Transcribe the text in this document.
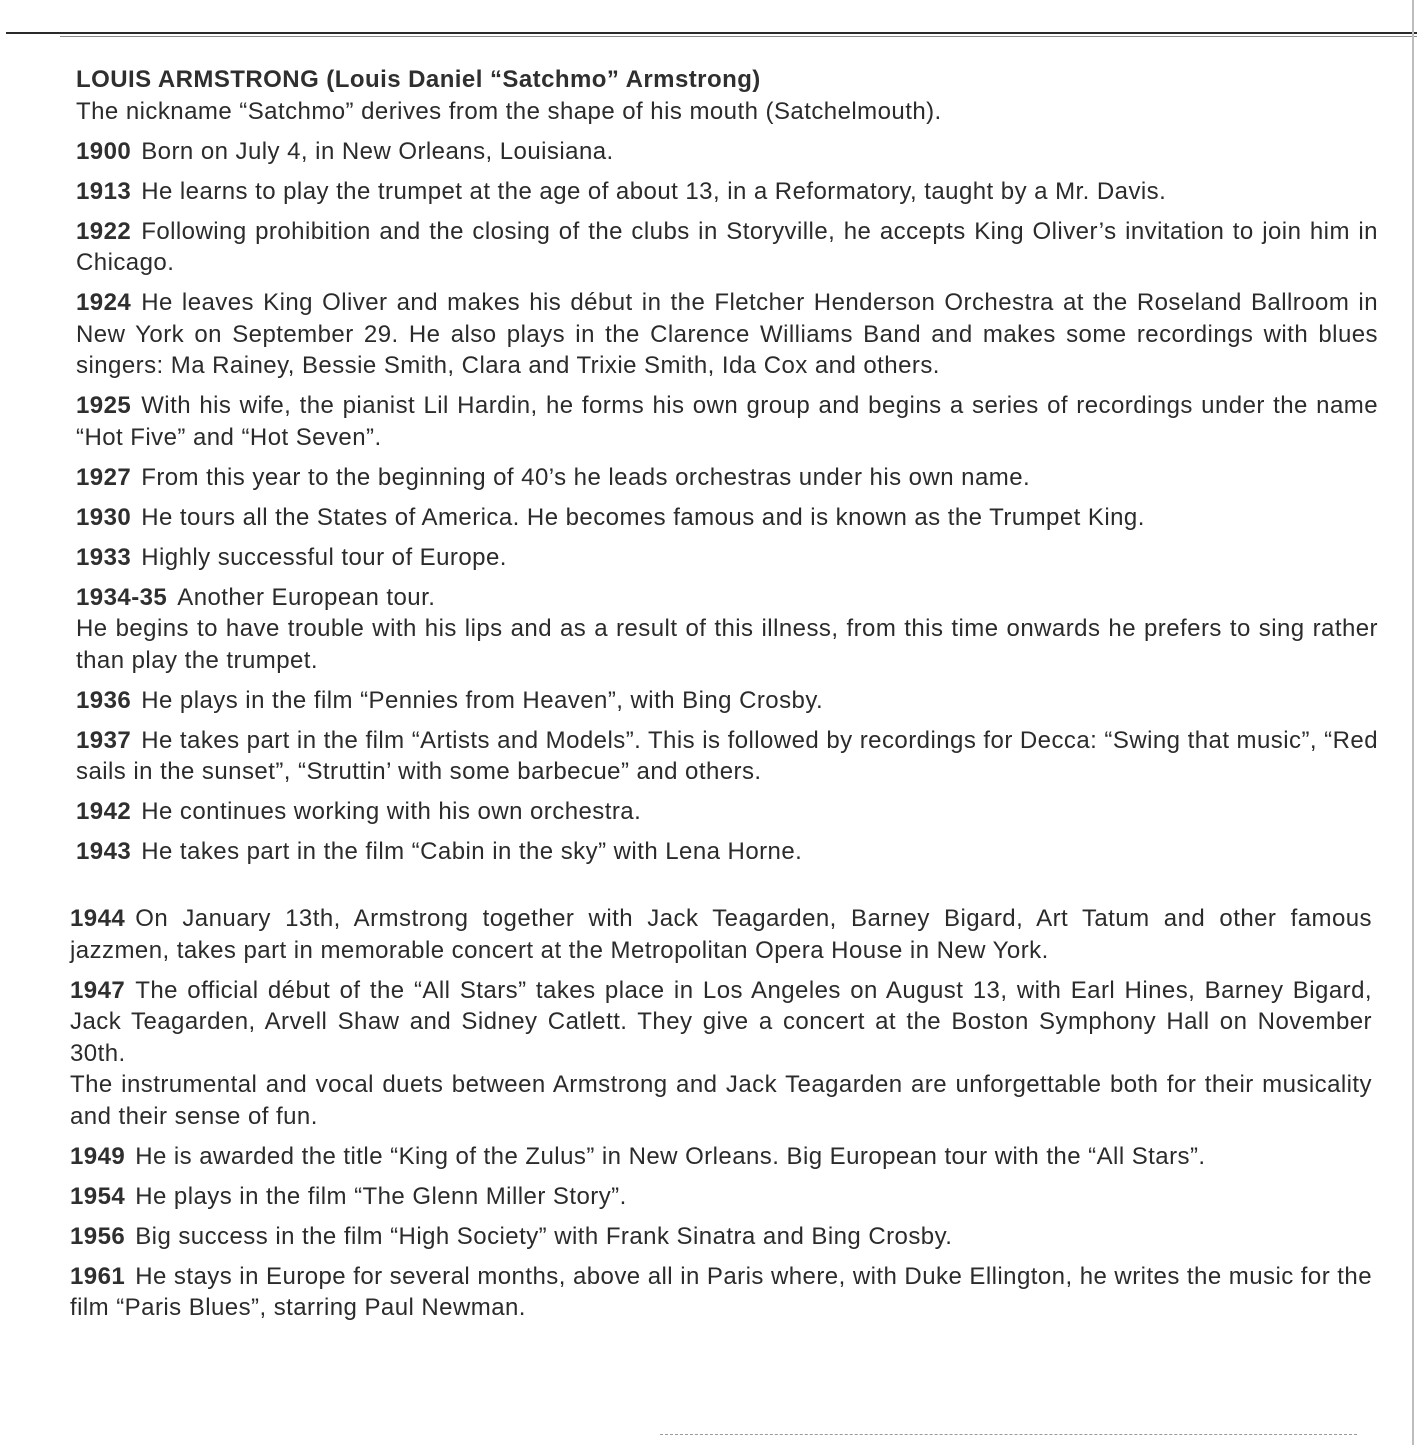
LOUIS ARMSTRONG (Louis Daniel “Satchmo” Armstrong)
The nickname “Satchmo” derives from the shape of his mouth (Satchelmouth).
1900 Born on July 4, in New Orleans, Louisiana.
1913 He learns to play the trumpet at the age of about 13, in a Reformatory, taught by a Mr. Davis.
1922 Following prohibition and the closing of the clubs in Storyville, he accepts King Oliver’s invitation to join him in Chicago.
1924 He leaves King Oliver and makes his début in the Fletcher Henderson Orchestra at the Roseland Ballroom in New York on September 29. He also plays in the Clarence Williams Band and makes some recordings with blues singers: Ma Rainey, Bessie Smith, Clara and Trixie Smith, Ida Cox and others.
1925 With his wife, the pianist Lil Hardin, he forms his own group and begins a series of recordings under the name “Hot Five” and “Hot Seven”.
1927 From this year to the beginning of 40’s he leads orchestras under his own name.
1930 He tours all the States of America. He becomes famous and is known as the Trumpet King.
1933 Highly successful tour of Europe.
1934-35 Another European tour.
He begins to have trouble with his lips and as a result of this illness, from this time onwards he prefers to sing rather than play the trumpet.
1936 He plays in the film “Pennies from Heaven”, with Bing Crosby.
1937 He takes part in the film “Artists and Models”. This is followed by recordings for Decca: “Swing that music”, “Red sails in the sunset”, “Struttin’ with some barbecue” and others.
1942 He continues working with his own orchestra.
1943 He takes part in the film “Cabin in the sky” with Lena Horne.
1944 On January 13th, Armstrong together with Jack Teagarden, Barney Bigard, Art Tatum and other famous jazzmen, takes part in memorable concert at the Metropolitan Opera House in New York.
1947 The official début of the “All Stars” takes place in Los Angeles on August 13, with Earl Hines, Barney Bigard, Jack Teagarden, Arvell Shaw and Sidney Catlett. They give a concert at the Boston Symphony Hall on November 30th.
The instrumental and vocal duets between Armstrong and Jack Teagarden are unforgettable both for their musicality and their sense of fun.
1949 He is awarded the title “King of the Zulus” in New Orleans. Big European tour with the “All Stars”.
1954 He plays in the film “The Glenn Miller Story”.
1956 Big success in the film “High Society” with Frank Sinatra and Bing Crosby.
1961 He stays in Europe for several months, above all in Paris where, with Duke Ellington, he writes the music for the film “Paris Blues”, starring Paul Newman.
